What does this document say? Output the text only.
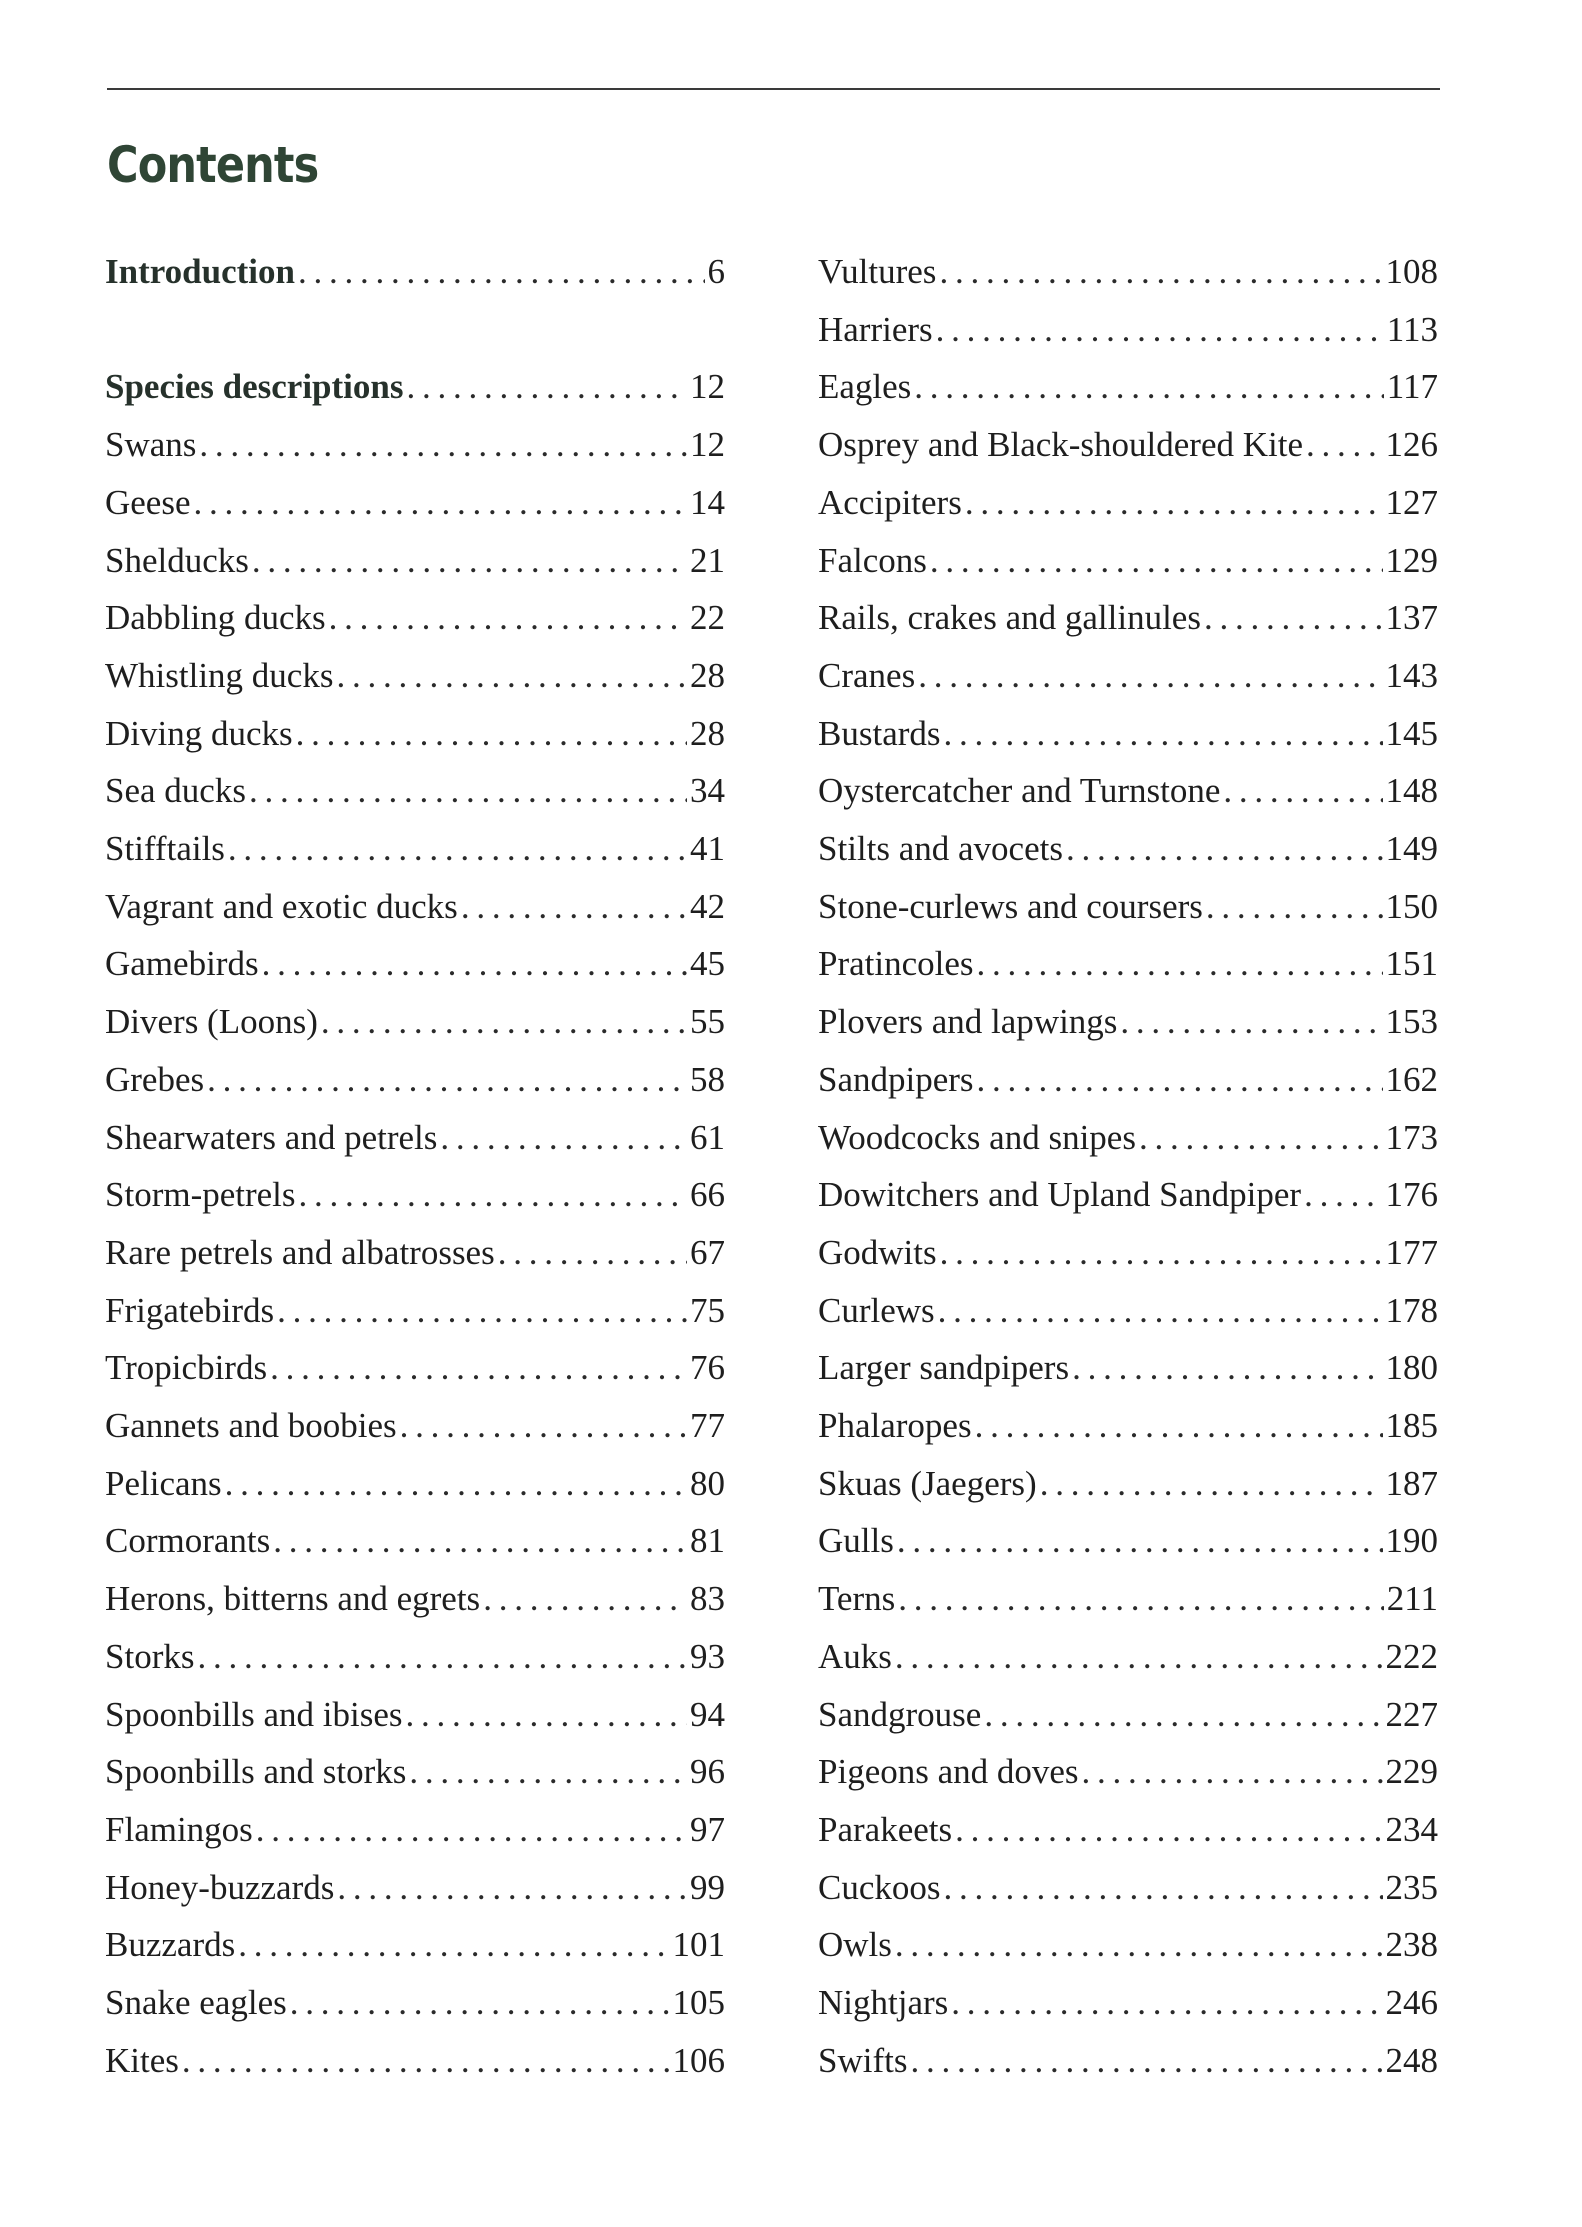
Contents
Introduction . . .	6
Species descriptions . . .	12
Swans . . .	12
Geese . . .	14
Shelducks . . .	21
Dabbling ducks . . .	22
Whistling ducks . . .	28
Diving ducks . . .	28
Sea ducks . . .	34
Stifftails . . .	41
Vagrant and exotic ducks . . .	42
Gamebirds . . .	45
Divers (Loons) . . .	55
Grebes . . .	58
Shearwaters and petrels . . .	61
Storm-petrels . . .	66
Rare petrels and albatrosses . . .	67
Frigatebirds . . .	75
Tropicbirds . . .	76
Gannets and boobies . . .	77
Pelicans . . .	80
Cormorants . . .	81
Herons, bitterns and egrets . . .	83
Storks . . .	93
Spoonbills and ibises . . .	94
Spoonbills and storks . . .	96
Flamingos . . .	97
Honey-buzzards . . .	99
Buzzards . . .	101
Snake eagles . . .	105
Kites . . .	106
Vultures . . .	108
Harriers . . .	113
Eagles . . .	117
Osprey and Black-shouldered Kite . . . 126
Accipiters . . .	127
Falcons . . .	129
Rails, crakes and gallinules . . .	137
Cranes . . .	143
Bustards . . .	145
Oystercatcher and Turnstone . . .	148
Stilts and avocets . . .	149
Stone-curlews and coursers . . .	150
Pratincoles . . .	151
Plovers and lapwings . . .	153
Sandpipers . . .	162
Woodcocks and snipes . . .	173
Dowitchers and Upland Sandpiper . . . 176
Godwits . . .	177
Curlews . . .	178
Larger sandpipers . . .	180
Phalaropes . . .	185
Skuas (Jaegers) . . .	187
Gulls . . .	190
Terns . . .	211
Auks . . .	222
Sandgrouse . . .	227
Pigeons and doves . . .	229
Parakeets . . .	234
Cuckoos . . .	235
Owls . . .	238
Nightjars . . .	246
Swifts . . .	248
